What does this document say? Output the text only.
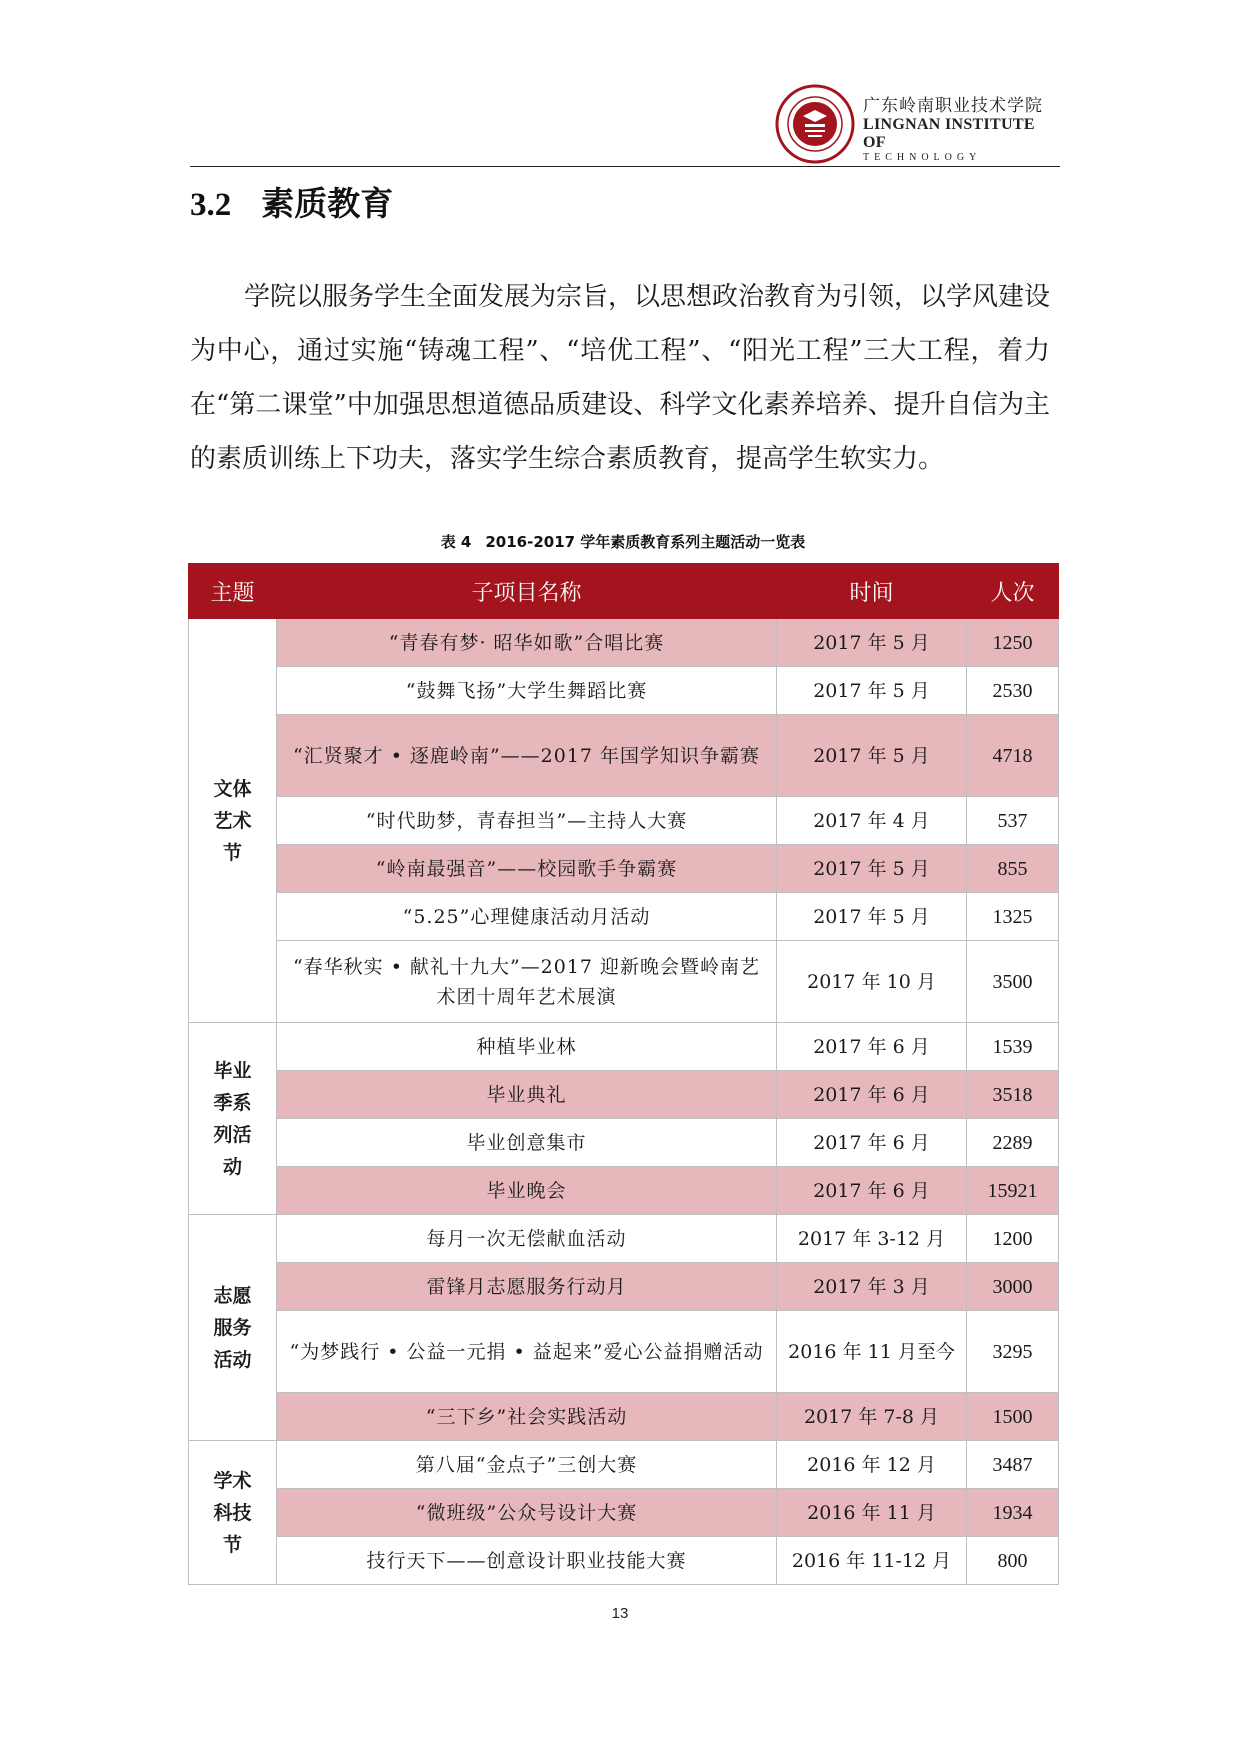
广东岭南职业技术学院
LINGNAN INSTITUTE OF
TECHNOLOGY
3.2 素质教育
学院以服务学生全面发展为宗旨，以思想政治教育为引领，以学风建设为中心，通过实施“铸魂工程”、“培优工程”、“阳光工程”三大工程，着力在“第二课堂”中加强思想道德品质建设、科学文化素养培养、提升自信为主的素质训练上下功夫，落实学生综合素质教育，提高学生软实力。
表 4 2016-2017 学年素质教育系列主题活动一览表
主题	子项目名称	时间	人次
文体艺术节	“青春有梦· 昭华如歌”合唱比赛	2017 年 5 月	1250
	“鼓舞飞扬”大学生舞蹈比赛	2017 年 5 月	2530
	“汇贤聚才 • 逐鹿岭南”——2017 年国学知识争霸赛	2017 年 5 月	4718
	“时代助梦，青春担当”—主持人大赛	2017 年 4 月	537
	“岭南最强音”——校园歌手争霸赛	2017 年 5 月	855
	“5.25”心理健康活动月活动	2017 年 5 月	1325
	“春华秋实 • 献礼十九大”—2017 迎新晚会暨岭南艺术团十周年艺术展演	2017 年 10 月	3500
毕业季系列活动	种植毕业林	2017 年 6 月	1539
	毕业典礼	2017 年 6 月	3518
	毕业创意集市	2017 年 6 月	2289
	毕业晚会	2017 年 6 月	15921
志愿服务活动	每月一次无偿献血活动	2017 年 3-12 月	1200
	雷锋月志愿服务行动月	2017 年 3 月	3000
	“为梦践行 • 公益一元捐 • 益起来”爱心公益捐赠活动	2016 年 11 月至今	3295
	“三下乡”社会实践活动	2017 年 7-8 月	1500
学术科技节	第八届“金点子”三创大赛	2016 年 12 月	3487
	“微班级”公众号设计大赛	2016 年 11 月	1934
	技行天下——创意设计职业技能大赛	2016 年 11-12 月	800
13
